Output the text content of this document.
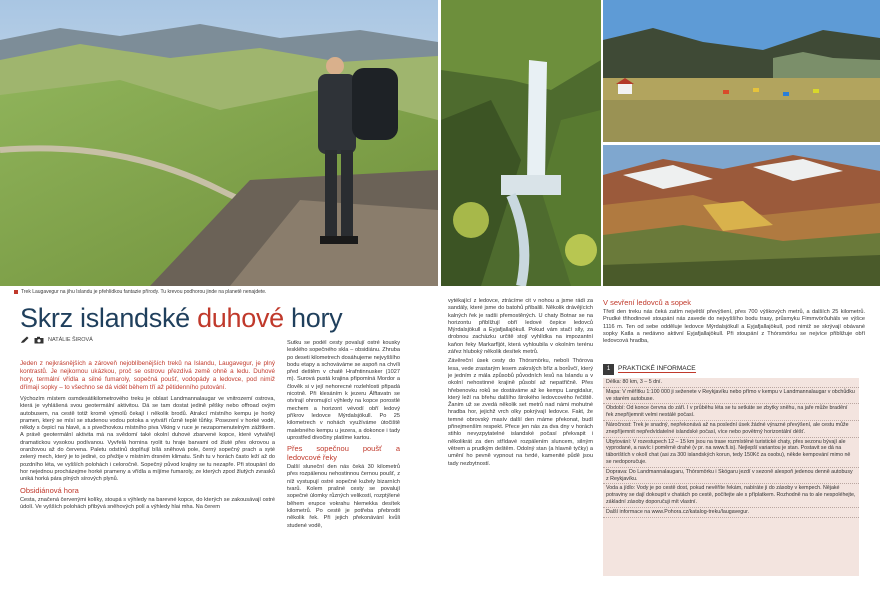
Trek Laugavegur na jihu Islandu je přehlídkou fantazie přírody. Tu krevou podhorou jinde na planetě nenajdete.
Skrz islandské duhové hory
NATÁLIE ŠIROVÁ

Jeden z nejkrásnějších a zároveň nejoblíbenějších treků na Islandu, Laugavegur, je plný kontrastů. Je nejkornou ukázkou, proč se ostrovu přezdívá země ohně a ledu. Duhové hory, termální vřídla a silné fumaroly, sopečná poušť, vodopády a ledovce, pod nimiž dřímají sopky – to všechno se dá vidět během tří až pětidenního putování.

Výchozím místem osmdesátikilometrového treku je oblast Landmannalaugar ve vnitrozemí ostrova, která je vyhlášená svou geotermální aktivitou. Dá se tam dostat jedině pěšky nebo offroad ovým autobusem, na cestě totiž kromě výmolů čekají i několik brodů. Atrakcí místního kempu je horký pramen, který se mísí se studenou vodou potoka a vytváří různě teplé tůňky. Posezení v horké vodě, někdy s čepicí na hlavě, a s pivečhovkou místního piva Viking v ruce je nezapomenutelným zážitkem. A právě geotermální aktivita má na svědomí také okolní duhové zbarvené kopce, které vytvářejí dramatickou vysokou podívanou. Vyvřelá hornina ryolit tu hraje barvami od žluté přes okrovou a oranžovou až do červena. Paletu odstínů doplňují bílá sněhová pole, černý sopečný prach a syté zelený mech, který je to jediné, co přežije v místním drsném klimatu. Snih tu v horách často leží až do pozdního léta, ve vyšších polohách i celoročně. Sopečný původ krajiny se tu nezapře. Při stoupání do hor nejednou procházejme horké prameny a vřídla a míjíme fumaroly, ze kterých zpod žlutých zvrasků uniká horká pára plných sírových plynů.

Obsidiánová hora

Cesta, značená červenými kolíky, stoupá s výhledy na barevné kopce, do kterých se zakousávají ostré údolí. Ve vyšších polohách přibývá sněhových polí a výhledy hlai mha. Na čerem

Šutku se podél cesty povalují ostré kousky lesklého sopečného skla – obsidiánu. Zhruba po deseti kilometrech dosáhujeme nejvyššího bodu etapy a schováváme se aspoň na chvíli před deštěm v chatě Hrafntinnusker (1027 m). Surová pustá krajina připomíná Mordor a člověk si v její nehorecné rozlehlosti připadá nicotně. Při klesáním k jezeru Álftavatn se otvírají ohromující výhledy na kopce porostlé mechem a horizont vévodí obří ledový příkrov ledovce Mýrdalsjökull. Po 25 kilometrech v nohách využíváme útočiště malebného kempu u jezera, a dokonce i tady uprostřed divočiny platíme kartou.

Přes sopečnou poušť a ledovcové řeky

Další sluneční den nás čeká 30 kilometrů přes rozpálenou nehostinnou černou poušť, z níž vystupují ostré sopečné kužely bizarních tvarů. Kolem prašné cesty se povalují sopečné úlomky různých velikostí, rozptýlené během erupce vokrahu hlemekka desítek kilometrů. Po cestě je potřeba přebrodit několik řek. Při jejich překonávání kvůli studené vodě,

vytékající z ledovce, ztrácíme cit v nohou a jsme rádi za sandály, které jsme do batohů přibalili. Několik drávějících kalných řek je radši přemostěných. U chaty Botnar se na horizontu přiblížují obří ledové čepice ledovců Mýrdalsjökull a Eyjafjallajökull. Pokud vám stačí síly, za drobnou zacházku určitě stojí vyhlídka na impozantní kaňon řeky Markarfljót, která vyhloubila v okolním terénu zářez hluboký několik desítek metrů.

Závěreční úsek cesty do Thórsmörku, neboli Thórova lesa, vede zrastarým lesem zakrslých bříz a borůvčí, který je jedním z mála způsobů původních lesů na Islandu a v okolní nehostinné krajině působí až nepatřičně. Přes hřebenovku roků se dostáváme až ke kempu Langidalur, který leží na břehu dalšího širokého ledovcového řečiště. Žanim už se zvedá několik set metrů nad námi mohutné hradba hor, jejichž vrch olky pokrývají ledovce. Fakt, že temné obrovský masív další den máme překonat, budí přinejmenším respekt. Přece jen nás za dva dny v horách stihlo nevyzpytatelné islandské počasí překvapit i několikrát za den střídavé rozpálením sluncem, silným větrem a prudkým deštěm. Odolný stan (a hlavně tyčky) a umění ho pevně vypnout na tvrdé, kamenité půdě jsou tady nezbytností.

V sevření ledovců a sopek

Třetí den treku nás čeká zatím největší převýšení, přes 700 výškových metrů, a dalších 25 kilometrů. Prudké třihodinové stoupání nás zavede do nejvyššího bodu trasy, průsmyku Fimmvörðuháls ve výšce 1116 m. Ten od sebe odděluje ledovce Mýrdalsjökull a Eyjafjallajökull, pod nimiž se skrývají obávané sopky Katla a nedávno aktivní Eyjafjallajökull. Při stoupání z Thórsmörku se nejvíce přibližuje obří ledovcová hradba,

1	PRAKTICKÉ INFORMACE
Délka: 80 km, 3 – 5 dní.
Mapa: V měřítku 1:100 000 ji seženete v Reykjavíku nebo přímo v kempu v Landmannalaugar v obchůdku ve starém autobuse.
Období: Od konce června do září. I v průběhu léta se tu setkáte se zbytky sněhu, na jaře může bradění řek znepříjemnit velmi nestálé počasí.
Náročnost: Trek je snadný, nepřekonává až na poslední úsek žádné výrazné převýšení, ale cestu může znepříjemnit nepředvídatelné islandské počasí, více nebo povětrný horizontální déšť.
Ubytování: V rozestupech 12 – 15 km jsou na trase rozmístěné turistické chaty, přes sezonu bývají ale vyprodané, a navíc i poměrně drahé (v pr. na www.fi.is). Nejlepší variantou je stan. Postavit se dá na táborištích v okolí chat (asi za 300 islandských korun, tedy 150Kč za osobu), někde kempování mimo ně se nedoporučuje.
Doprava: Do Landmannalaugaru, Thórsmörku i Skógaru jezdí v sezoně alespoň jedenou denně autobusy z Reykjavíku.
Voda a jídlo: Vody je po cestě dost, pokud nevěříte řekám, nabíráte ji do zásoby v kempech. Nějaké potraviny se dají dokoupit v chatách po cestě, počítejte ale s příplatkem. Rozhodně na to ale nespoléhejte, základní zásoby doporučuji mít vlastní.
Další informace na www.Pohora.cz/katalog-treku/laugavegur.
